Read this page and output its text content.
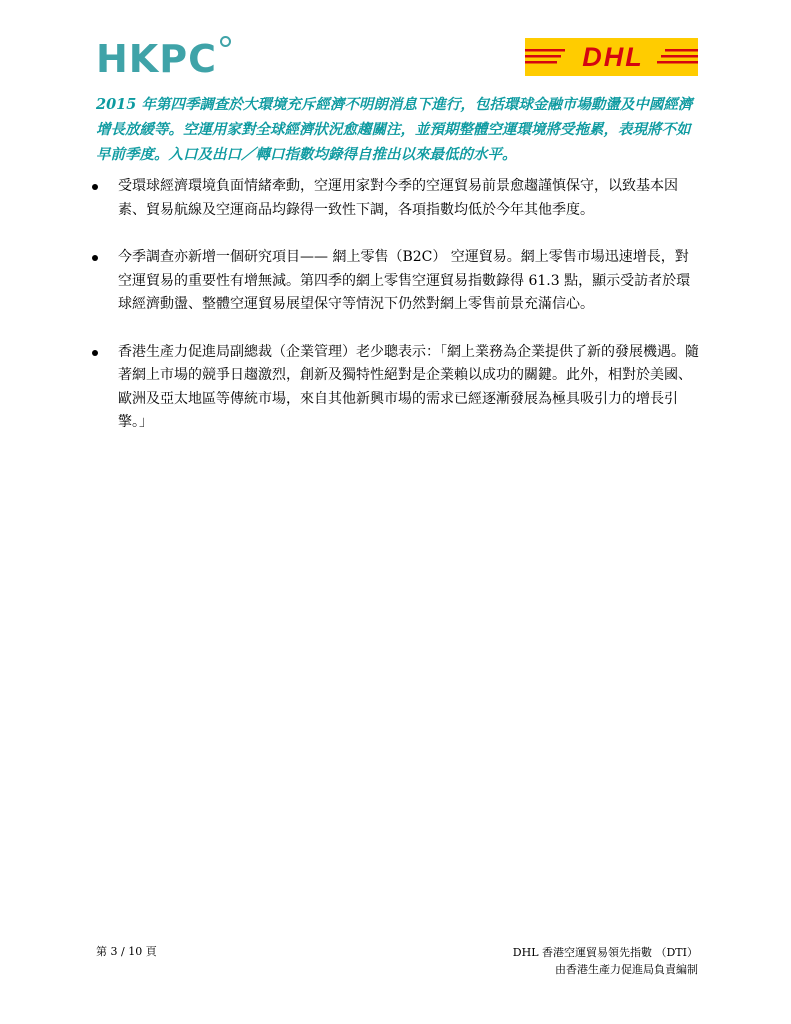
HKPC	DHL
2015 年第四季調查於大環境充斥經濟不明朗消息下進行，包括環球金融市場動盪及中國經濟增長放緩等。空運用家對全球經濟狀況愈趨關注，並預期整體空運環境將受拖累，表現將不如早前季度。入口及出口／轉口指數均錄得自推出以來最低的水平。
受環球經濟環境負面情緒牽動，空運用家對今季的空運貿易前景愈趨謹慎保守，以致基本因素、貿易航線及空運商品均錄得一致性下調，各項指數均低於今年其他季度。
今季調查亦新增一個研究項目—— 網上零售（B2C） 空運貿易。網上零售市場迅速增長，對空運貿易的重要性有增無減。第四季的網上零售空運貿易指數錄得 61.3 點，顯示受訪者於環球經濟動盪、整體空運貿易展望保守等情況下仍然對網上零售前景充滿信心。
香港生產力促進局副總裁（企業管理）老少聰表示：「網上業務為企業提供了新的發展機遇。隨著網上市場的競爭日趨激烈，創新及獨特性絕對是企業賴以成功的關鍵。此外，相對於美國、歐洲及亞太地區等傳統市場，來自其他新興市場的需求已經逐漸發展為極具吸引力的增長引擎。」
第 3 / 10 頁	DHL 香港空運貿易領先指數 （DTI）
由香港生產力促進局負責編制
